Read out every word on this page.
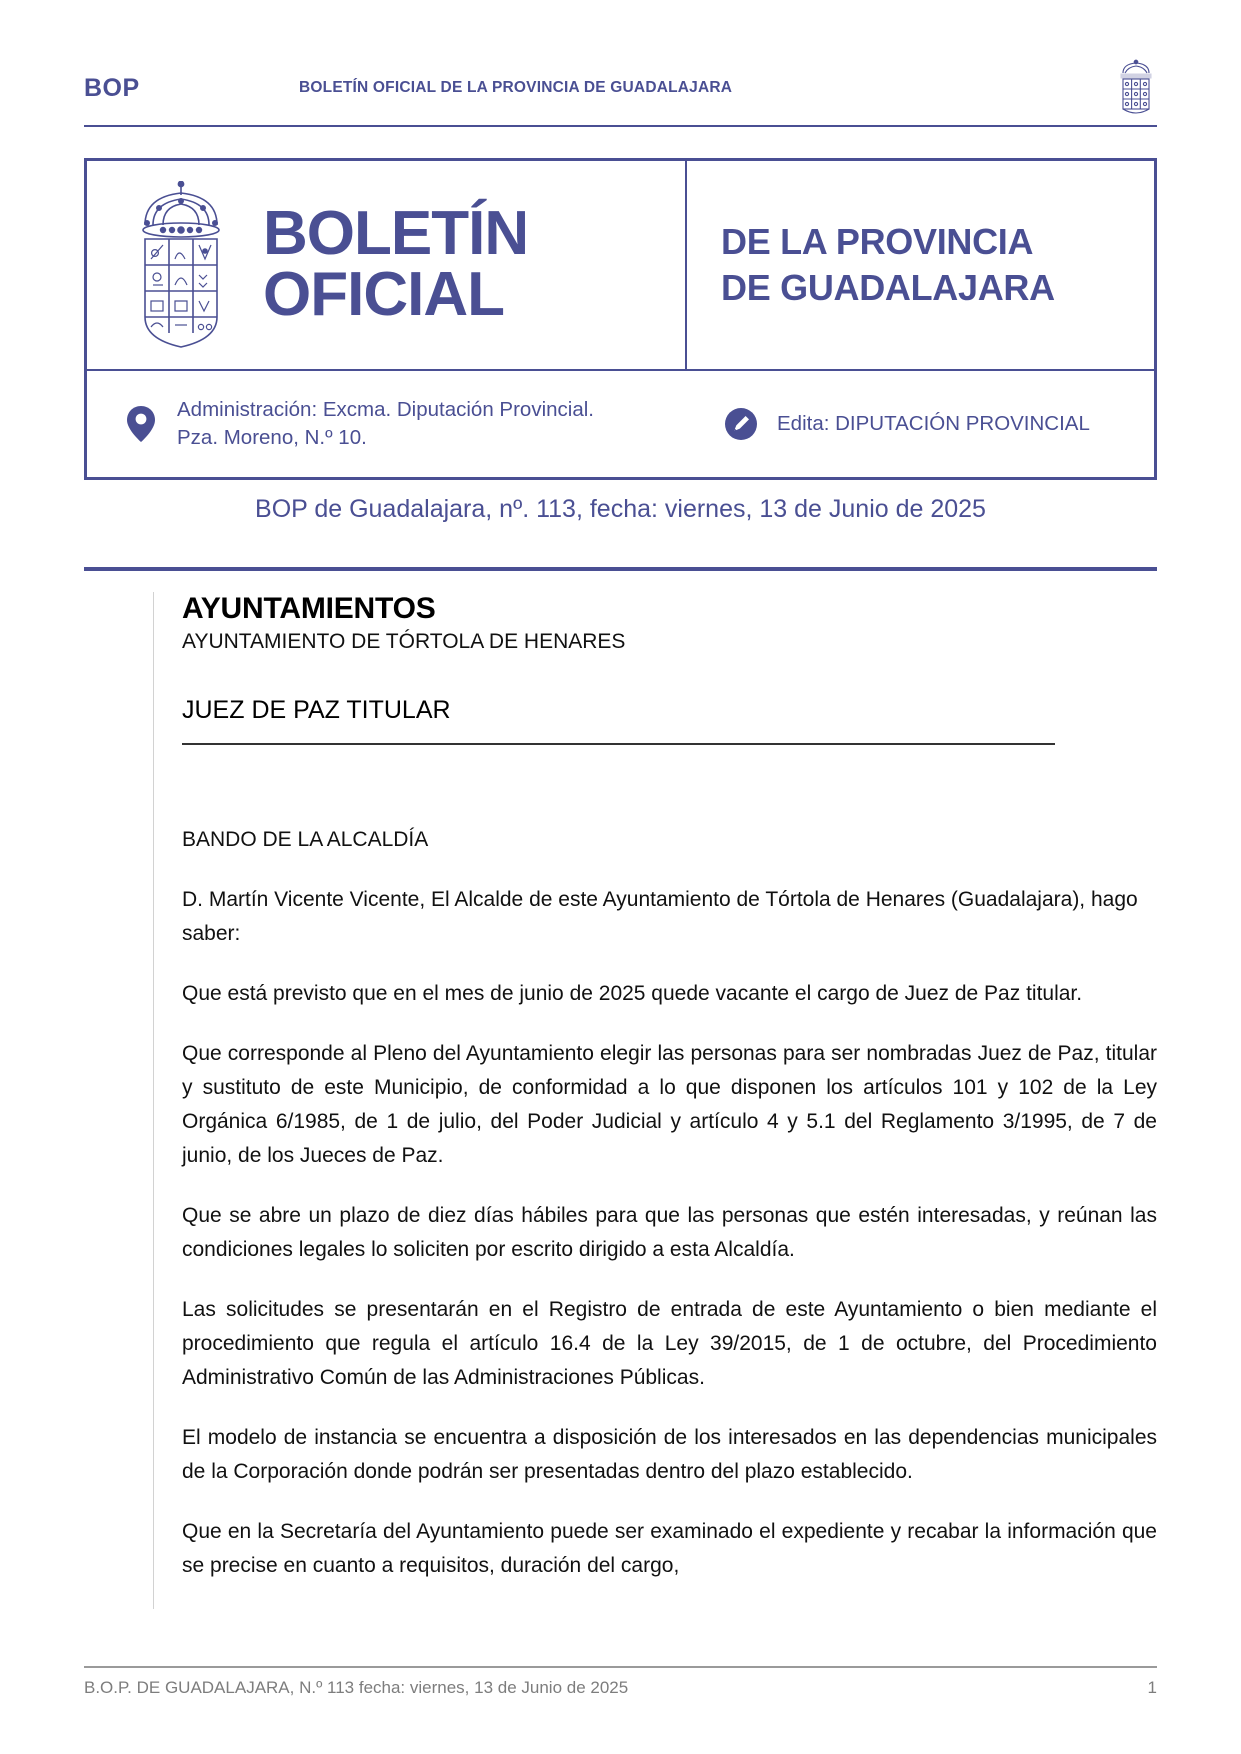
BOP	BOLETÍN OFICIAL DE LA PROVINCIA DE GUADALAJARA
BOLETÍN
OFICIAL
DE LA PROVINCIA
DE GUADALAJARA
Administración: Excma. Diputación Provincial.
Pza. Moreno, N.º 10.
Edita: DIPUTACIÓN PROVINCIAL
BOP de Guadalajara, nº. 113, fecha: viernes, 13 de Junio de 2025
AYUNTAMIENTOS
AYUNTAMIENTO DE TÓRTOLA DE HENARES
JUEZ DE PAZ TITULAR

BANDO DE LA ALCALDÍA

D. Martín Vicente Vicente, El Alcalde de este Ayuntamiento de Tórtola de Henares (Guadalajara), hago saber:

Que está previsto que en el mes de junio de 2025 quede vacante el cargo de Juez de Paz titular.

Que corresponde al Pleno del Ayuntamiento elegir las personas para ser nombradas Juez de Paz, titular y sustituto de este Municipio, de conformidad a lo que disponen los artículos 101 y 102 de la Ley Orgánica 6/1985, de 1 de julio, del Poder Judicial y artículo 4 y 5.1 del Reglamento 3/1995, de 7 de junio, de los Jueces de Paz.

Que se abre un plazo de diez días hábiles para que las personas que estén interesadas, y reúnan las condiciones legales lo soliciten por escrito dirigido a esta Alcaldía.

Las solicitudes se presentarán en el Registro de entrada de este Ayuntamiento o bien mediante el procedimiento que regula el artículo 16.4 de la Ley 39/2015, de 1 de octubre, del Procedimiento Administrativo Común de las Administraciones Públicas.

El modelo de instancia se encuentra a disposición de los interesados en las dependencias municipales de la Corporación donde podrán ser presentadas dentro del plazo establecido.

Que en la Secretaría del Ayuntamiento puede ser examinado el expediente y recabar la información que se precise en cuanto a requisitos, duración del cargo,

B.O.P. DE GUADALAJARA, N.º 113 fecha: viernes, 13 de Junio de 2025	1
